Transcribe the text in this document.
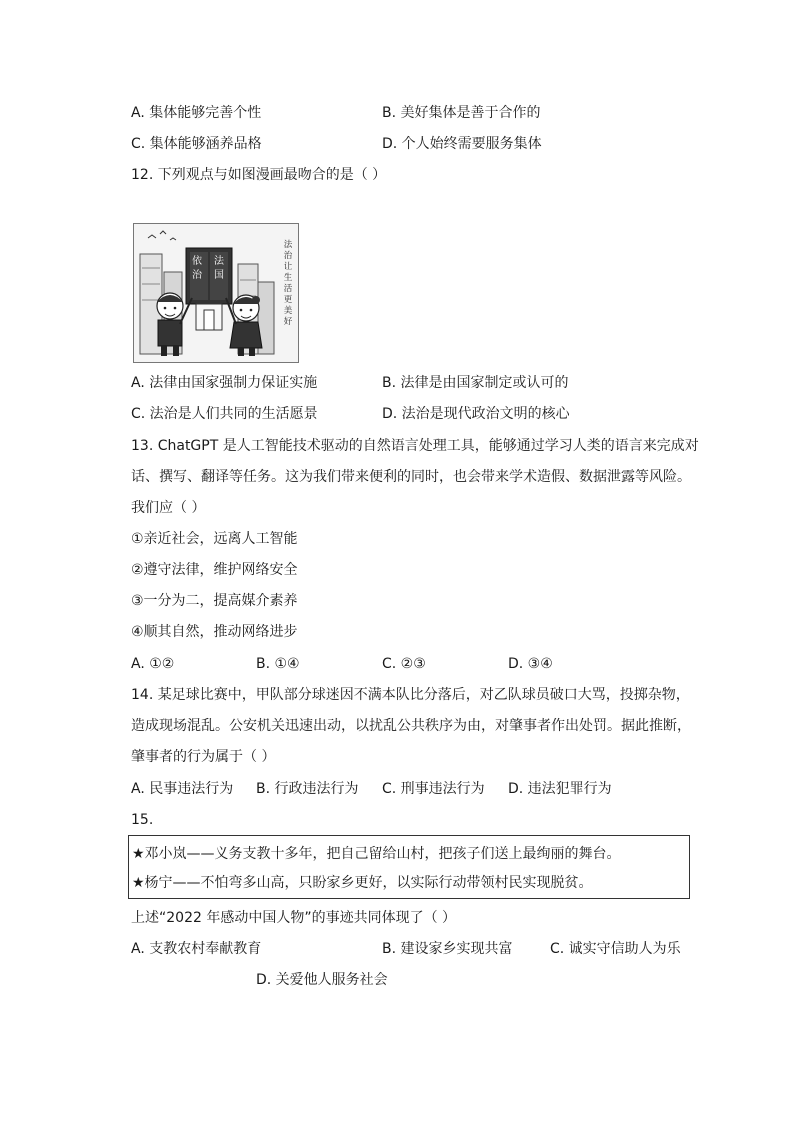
A. 集体能够完善个性	B. 美好集体是善于合作的
C. 集体能够涵养品格	D. 个人始终需要服务集体
12. 下列观点与如图漫画最吻合的是（ ）
依
治
法
国
法治让生活更美好
A. 法律由国家强制力保证实施	B. 法律是由国家制定或认可的
C. 法治是人们共同的生活愿景	D. 法治是现代政治文明的核心
13. ChatGPT 是人工智能技术驱动的自然语言处理工具，能够通过学习人类的语言来完成对
话、撰写、翻译等任务。这为我们带来便利的同时，也会带来学术造假、数据泄露等风险。
我们应（ ）
①亲近社会，远离人工智能
②遵守法律，维护网络安全
③一分为二，提高媒介素养
④顺其自然，推动网络进步
A. ①②	B. ①④	C. ②③	D. ③④
14. 某足球比赛中，甲队部分球迷因不满本队比分落后，对乙队球员破口大骂，投掷杂物，
造成现场混乱。公安机关迅速出动，以扰乱公共秩序为由，对肇事者作出处罚。据此推断，
肇事者的行为属于（ ）
A. 民事违法行为 B. 行政违法行为 C. 刑事违法行为 D. 违法犯罪行为
15.
★邓小岚——义务支教十多年，把自己留给山村，把孩子们送上最绚丽的舞台。
★杨宁——不怕弯多山高，只盼家乡更好，以实际行动带领村民实现脱贫。
上述“2022 年感动中国人物”的事迹共同体现了（ ）
A. 支教农村奉献教育	B. 建设家乡实现共富	C. 诚实守信助人为乐
D. 关爱他人服务社会
